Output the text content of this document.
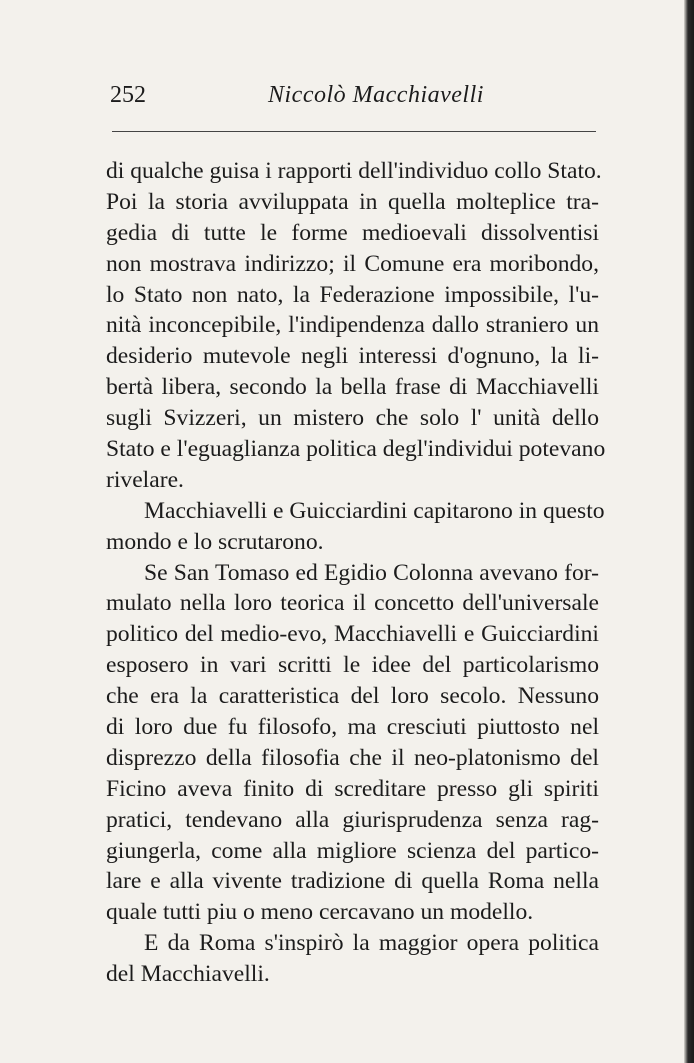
252	Niccolò Macchiavelli
di qualche guisa i rapporti dell'individuo collo Stato.
Poi la storia avviluppata in quella molteplice tra-
gedia di tutte le forme medioevali dissolventisi
non mostrava indirizzo; il Comune era moribondo,
lo Stato non nato, la Federazione impossibile, l'u-
nità inconcepibile, l'indipendenza dallo straniero un
desiderio mutevole negli interessi d'ognuno, la li-
bertà libera, secondo la bella frase di Macchiavelli
sugli Svizzeri, un mistero che solo l' unità dello
Stato e l'eguaglianza politica degl'individui potevano
rivelare.
Macchiavelli e Guicciardini capitarono in questo
mondo e lo scrutarono.
Se San Tomaso ed Egidio Colonna avevano for-
mulato nella loro teorica il concetto dell'universale
politico del medio-evo, Macchiavelli e Guicciardini
esposero in vari scritti le idee del particolarismo
che era la caratteristica del loro secolo. Nessuno
di loro due fu filosofo, ma cresciuti piuttosto nel
disprezzo della filosofia che il neo-platonismo del
Ficino aveva finito di screditare presso gli spiriti
pratici, tendevano alla giurisprudenza senza rag-
giungerla, come alla migliore scienza del partico-
lare e alla vivente tradizione di quella Roma nella
quale tutti piu o meno cercavano un modello.
E da Roma s'inspirò la maggior opera politica
del Macchiavelli.
